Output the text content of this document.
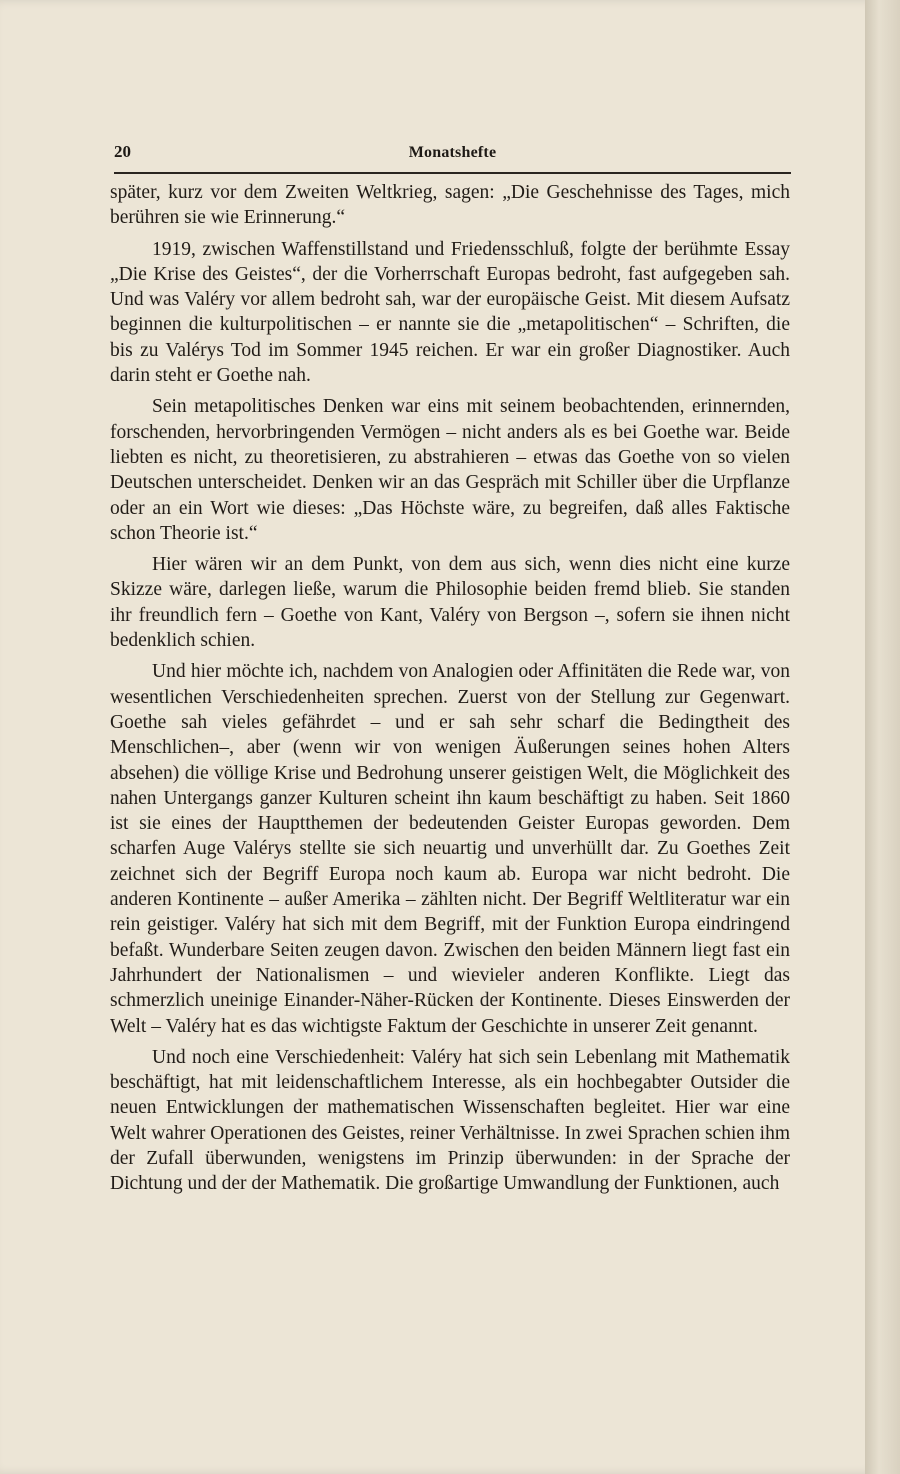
20	Monatshefte

später, kurz vor dem Zweiten Weltkrieg, sagen: „Die Geschehnisse des Tages, mich berühren sie wie Erinnerung.“

1919, zwischen Waffenstillstand und Friedensschluß, folgte der berühmte Essay „Die Krise des Geistes“, der die Vorherrschaft Europas bedroht, fast aufgegeben sah. Und was Valéry vor allem bedroht sah, war der europäische Geist. Mit diesem Aufsatz beginnen die kulturpolitischen – er nannte sie die „metapolitischen“ – Schriften, die bis zu Valérys Tod im Sommer 1945 reichen. Er war ein großer Diagnostiker. Auch darin steht er Goethe nah.

Sein metapolitisches Denken war eins mit seinem beobachtenden, erinnernden, forschenden, hervorbringenden Vermögen – nicht anders als es bei Goethe war. Beide liebten es nicht, zu theoretisieren, zu abstrahieren – etwas das Goethe von so vielen Deutschen unterscheidet. Denken wir an das Gespräch mit Schiller über die Urpflanze oder an ein Wort wie dieses: „Das Höchste wäre, zu begreifen, daß alles Faktische schon Theorie ist.“

Hier wären wir an dem Punkt, von dem aus sich, wenn dies nicht eine kurze Skizze wäre, darlegen ließe, warum die Philosophie beiden fremd blieb. Sie standen ihr freundlich fern – Goethe von Kant, Valéry von Bergson –, sofern sie ihnen nicht bedenklich schien.

Und hier möchte ich, nachdem von Analogien oder Affinitäten die Rede war, von wesentlichen Verschiedenheiten sprechen. Zuerst von der Stellung zur Gegenwart. Goethe sah vieles gefährdet – und er sah sehr scharf die Bedingtheit des Menschlichen–, aber (wenn wir von wenigen Äußerungen seines hohen Alters absehen) die völlige Krise und Bedrohung unserer geistigen Welt, die Möglichkeit des nahen Untergangs ganzer Kulturen scheint ihn kaum beschäftigt zu haben. Seit 1860 ist sie eines der Hauptthemen der bedeutenden Geister Europas geworden. Dem scharfen Auge Valérys stellte sie sich neuartig und unverhüllt dar. Zu Goethes Zeit zeichnet sich der Begriff Europa noch kaum ab. Europa war nicht bedroht. Die anderen Kontinente – außer Amerika – zählten nicht. Der Begriff Weltliteratur war ein rein geistiger. Valéry hat sich mit dem Begriff, mit der Funktion Europa eindringend befaßt. Wunderbare Seiten zeugen davon. Zwischen den beiden Männern liegt fast ein Jahrhundert der Nationalismen – und wievieler anderen Konflikte. Liegt das schmerzlich uneinige Einander-Näher-Rücken der Kontinente. Dieses Einswerden der Welt – Valéry hat es das wichtigste Faktum der Geschichte in unserer Zeit genannt.

Und noch eine Verschiedenheit: Valéry hat sich sein Lebenlang mit Mathematik beschäftigt, hat mit leidenschaftlichem Interesse, als ein hochbegabter Outsider die neuen Entwicklungen der mathematischen Wissenschaften begleitet. Hier war eine Welt wahrer Operationen des Geistes, reiner Verhältnisse. In zwei Sprachen schien ihm der Zufall überwunden, wenigstens im Prinzip überwunden: in der Sprache der Dichtung und der der Mathematik. Die großartige Umwandlung der Funktionen, auch
